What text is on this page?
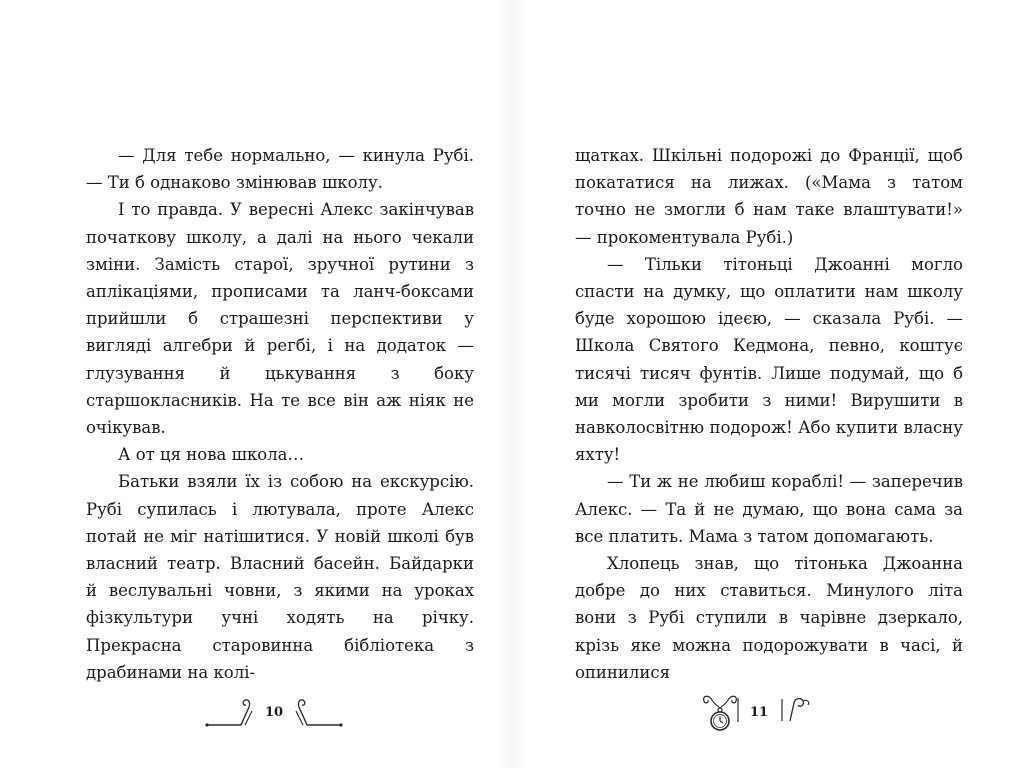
— Для тебе нормально, — кинула Рубі. — Ти б однаково змінював школу.

І то правда. У вересні Алекс закінчував початкову школу, а далі на нього чекали зміни. Замість старої, зручної рутини з аплікаціями, прописами та ланч-боксами прийшли б страшезні перспективи у вигляді алгебри й регбі, і на додаток — глузування й цькування з боку старшокласників. На те все він аж ніяк не очікував.

А от ця нова школа…

Батьки взяли їх із собою на екскурсію. Рубі супилась і лютувала, проте Алекс потай не міг натішитися. У новій школі був власний театр. Власний басейн. Байдарки й веслувальні човни, з якими на уроках фізкультури учні ходять на річку. Прекрасна старовинна бібліотека з драбинами на колі-

10

щатках. Шкільні подорожі до Франції, щоб покататися на лижах. («Мама з татом точно не змогли б нам таке влаштувати!» — прокоментувала Рубі.)

— Тільки тітоньці Джоанні могло спасти на думку, що оплатити нам школу буде хорошою ідеєю, — сказала Рубі. — Школа Святого Кедмона, певно, коштує тисячі тисяч фунтів. Лише подумай, що б ми могли зробити з ними! Вирушити в навколосвітню подорож! Або купити власну яхту!

— Ти ж не любиш кораблі! — заперечив Алекс. — Та й не думаю, що вона сама за все платить. Мама з татом допомагають.

Хлопець знав, що тітонька Джоанна добре до них ставиться. Минулого літа вони з Рубі ступили в чарівне дзеркало, крізь яке можна подорожувати в часі, й опинилися

11
